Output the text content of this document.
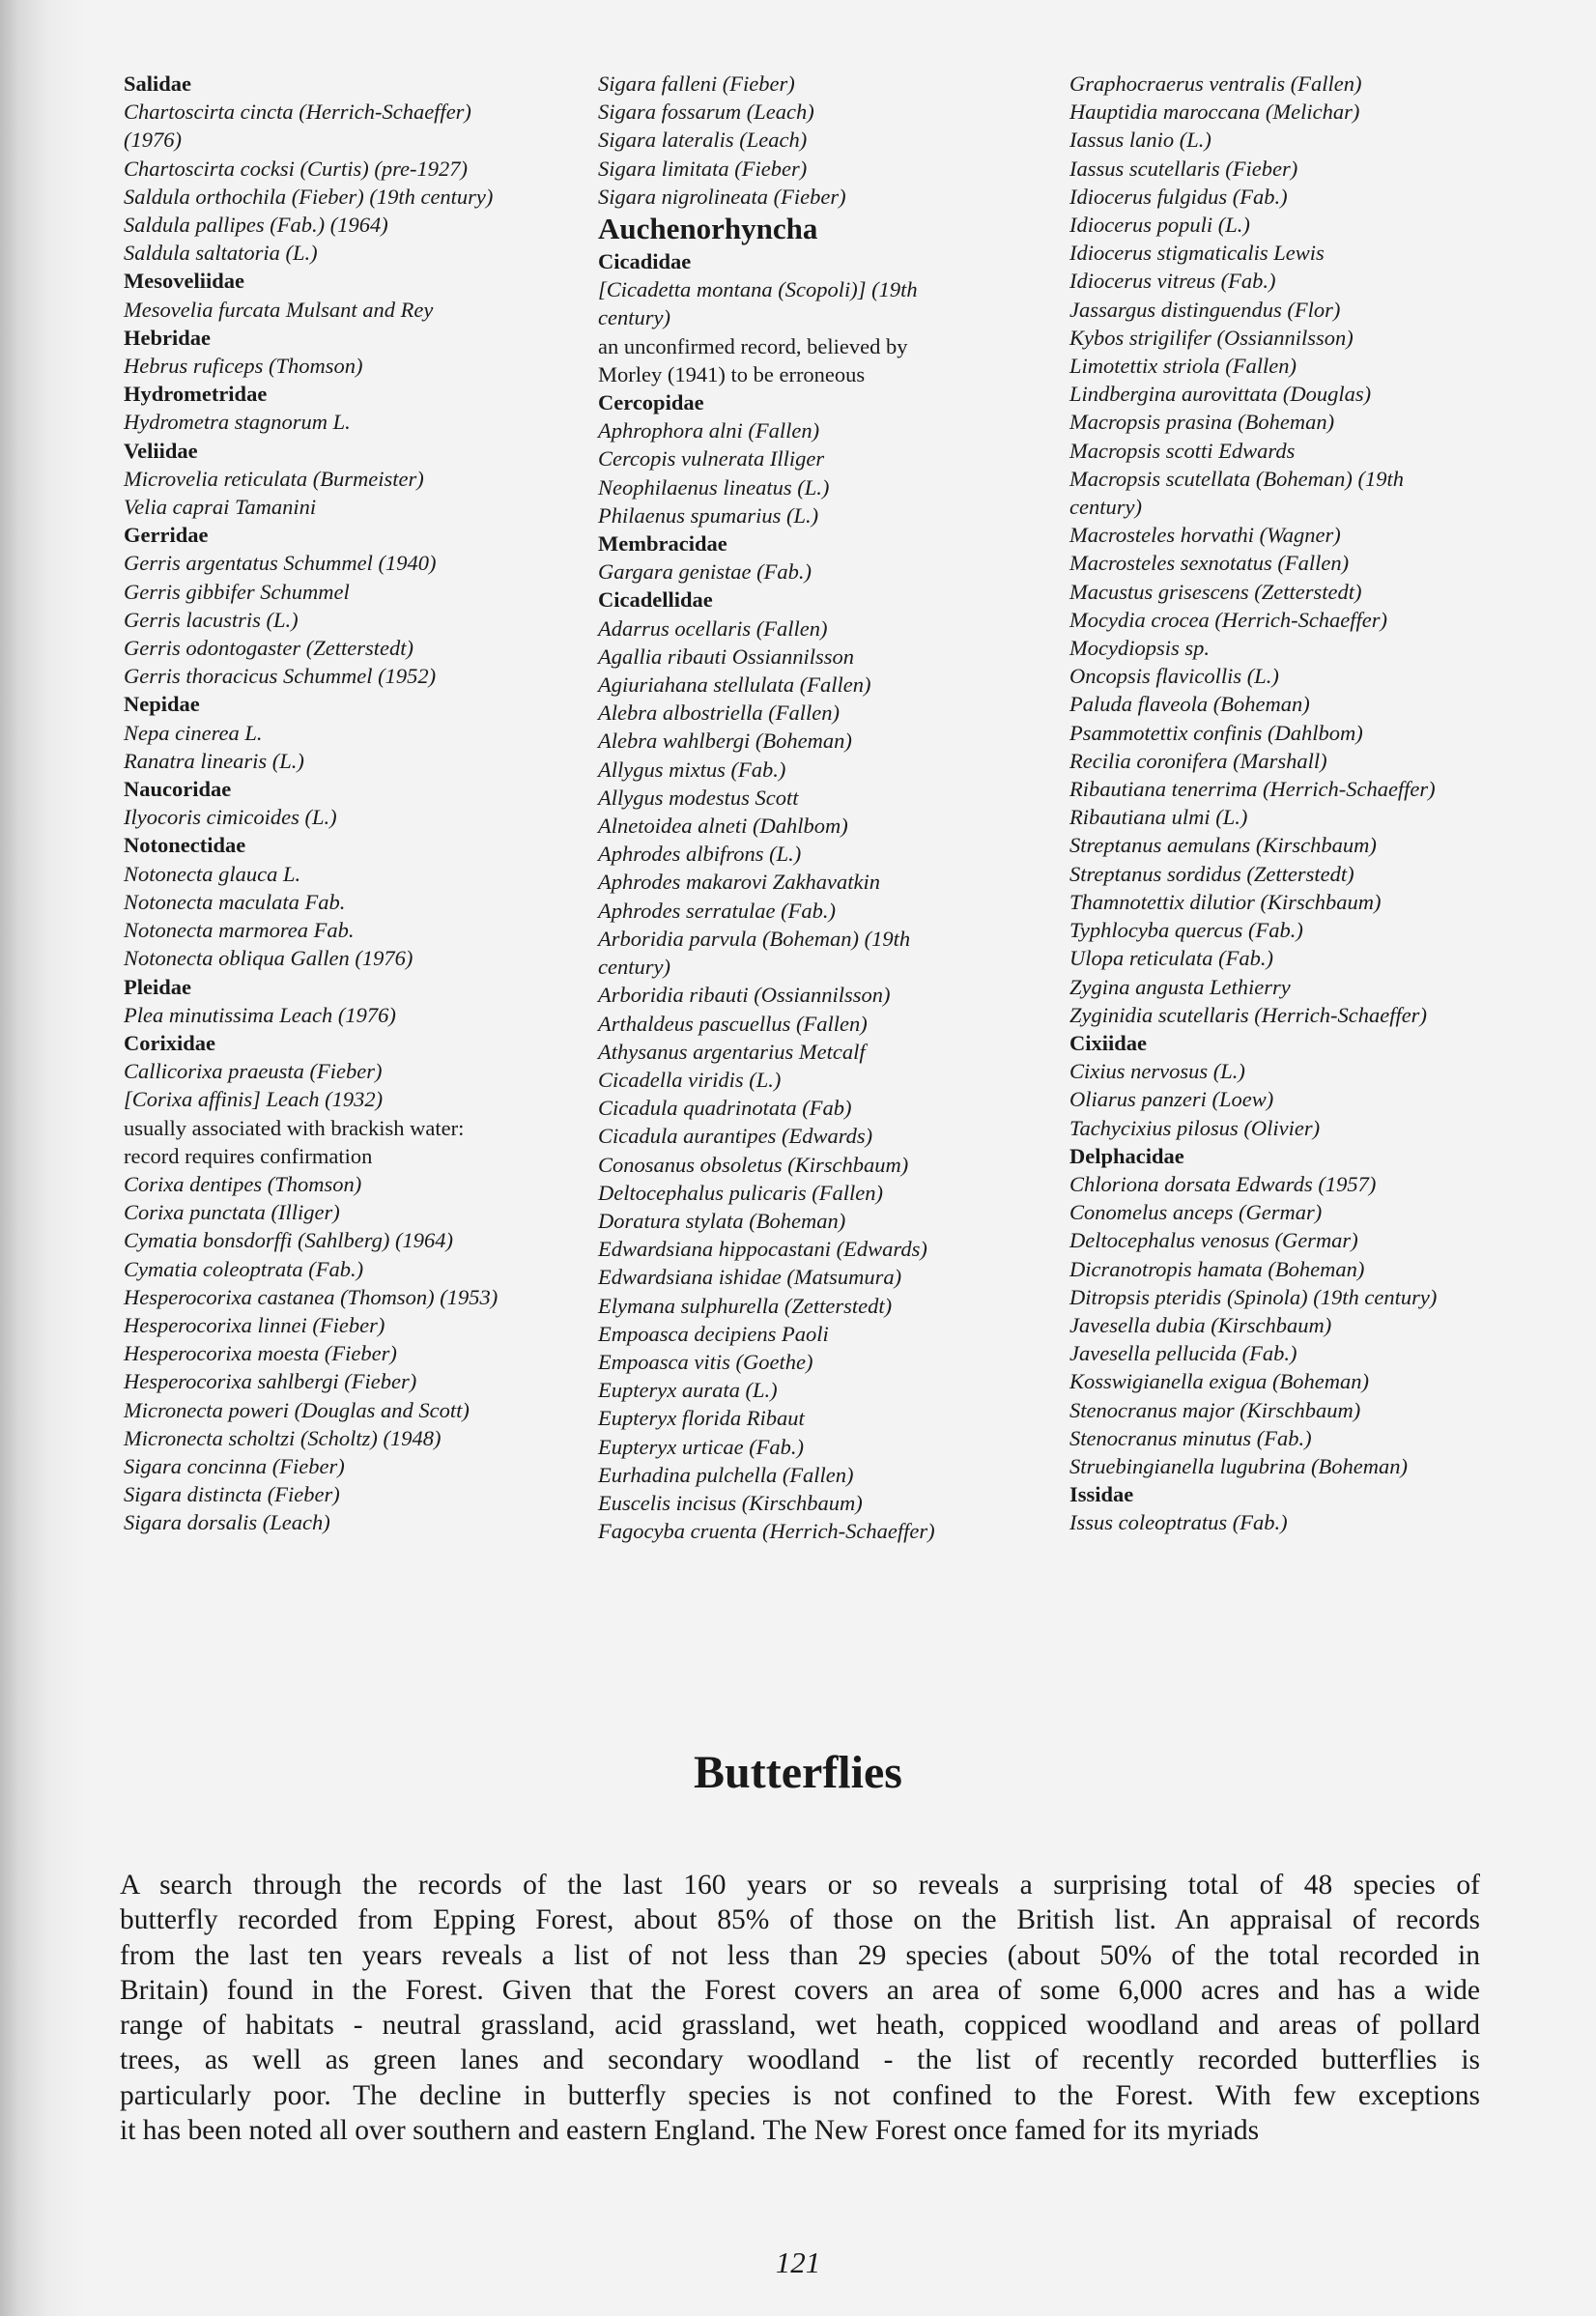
Salidae
Chartoscirta cincta (Herrich-Schaeffer)
(1976)
Chartoscirta cocksi (Curtis) (pre-1927)
Saldula orthochila (Fieber) (19th century)
Saldula pallipes (Fab.) (1964)
Saldula saltatoria (L.)
Mesoveliidae
Mesovelia furcata Mulsant and Rey
Hebridae
Hebrus ruficeps (Thomson)
Hydrometridae
Hydrometra stagnorum L.
Veliidae
Microvelia reticulata (Burmeister)
Velia caprai Tamanini
Gerridae
Gerris argentatus Schummel (1940)
Gerris gibbifer Schummel
Gerris lacustris (L.)
Gerris odontogaster (Zetterstedt)
Gerris thoracicus Schummel (1952)
Nepidae
Nepa cinerea L.
Ranatra linearis (L.)
Naucoridae
Ilyocoris cimicoides (L.)
Notonectidae
Notonecta glauca L.
Notonecta maculata Fab.
Notonecta marmorea Fab.
Notonecta obliqua Gallen (1976)
Pleidae
Plea minutissima Leach (1976)
Corixidae
Callicorixa praeusta (Fieber)
[Corixa affinis] Leach (1932)
usually associated with brackish water:
record requires confirmation
Corixa dentipes (Thomson)
Corixa punctata (Illiger)
Cymatia bonsdorffi (Sahlberg) (1964)
Cymatia coleoptrata (Fab.)
Hesperocorixa castanea (Thomson) (1953)
Hesperocorixa linnei (Fieber)
Hesperocorixa moesta (Fieber)
Hesperocorixa sahlbergi (Fieber)
Micronecta poweri (Douglas and Scott)
Micronecta scholtzi (Scholtz) (1948)
Sigara concinna (Fieber)
Sigara distincta (Fieber)
Sigara dorsalis (Leach)
Sigara falleni (Fieber)
Sigara fossarum (Leach)
Sigara lateralis (Leach)
Sigara limitata (Fieber)
Sigara nigrolineata (Fieber)
Auchenorhyncha
Cicadidae
[Cicadetta montana (Scopoli)] (19th
century)
an unconfirmed record, believed by
Morley (1941) to be erroneous
Cercopidae
Aphrophora alni (Fallen)
Cercopis vulnerata Illiger
Neophilaenus lineatus (L.)
Philaenus spumarius (L.)
Membracidae
Gargara genistae (Fab.)
Cicadellidae
Adarrus ocellaris (Fallen)
Agallia ribauti Ossiannilsson
Agiuriahana stellulata (Fallen)
Alebra albostriella (Fallen)
Alebra wahlbergi (Boheman)
Allygus mixtus (Fab.)
Allygus modestus Scott
Alnetoidea alneti (Dahlbom)
Aphrodes albifrons (L.)
Aphrodes makarovi Zakhavatkin
Aphrodes serratulae (Fab.)
Arboridia parvula (Boheman) (19th
century)
Arboridia ribauti (Ossiannilsson)
Arthaldeus pascuellus (Fallen)
Athysanus argentarius Metcalf
Cicadella viridis (L.)
Cicadula quadrinotata (Fab)
Cicadula aurantipes (Edwards)
Conosanus obsoletus (Kirschbaum)
Deltocephalus pulicaris (Fallen)
Doratura stylata (Boheman)
Edwardsiana hippocastani (Edwards)
Edwardsiana ishidae (Matsumura)
Elymana sulphurella (Zetterstedt)
Empoasca decipiens Paoli
Empoasca vitis (Goethe)
Eupteryx aurata (L.)
Eupteryx florida Ribaut
Eupteryx urticae (Fab.)
Eurhadina pulchella (Fallen)
Euscelis incisus (Kirschbaum)
Fagocyba cruenta (Herrich-Schaeffer)
Graphocraerus ventralis (Fallen)
Hauptidia maroccana (Melichar)
Iassus lanio (L.)
Iassus scutellaris (Fieber)
Idiocerus fulgidus (Fab.)
Idiocerus populi (L.)
Idiocerus stigmaticalis Lewis
Idiocerus vitreus (Fab.)
Jassargus distinguendus (Flor)
Kybos strigilifer (Ossiannilsson)
Limotettix striola (Fallen)
Lindbergina aurovittata (Douglas)
Macropsis prasina (Boheman)
Macropsis scotti Edwards
Macropsis scutellata (Boheman) (19th
century)
Macrosteles horvathi (Wagner)
Macrosteles sexnotatus (Fallen)
Macustus grisescens (Zetterstedt)
Mocydia crocea (Herrich-Schaeffer)
Mocydiopsis sp.
Oncopsis flavicollis (L.)
Paluda flaveola (Boheman)
Psammotettix confinis (Dahlbom)
Recilia coronifera (Marshall)
Ribautiana tenerrima (Herrich-Schaeffer)
Ribautiana ulmi (L.)
Streptanus aemulans (Kirschbaum)
Streptanus sordidus (Zetterstedt)
Thamnotettix dilutior (Kirschbaum)
Typhlocyba quercus (Fab.)
Ulopa reticulata (Fab.)
Zygina angusta Lethierry
Zyginidia scutellaris (Herrich-Schaeffer)
Cixiidae
Cixius nervosus (L.)
Oliarus panzeri (Loew)
Tachycixius pilosus (Olivier)
Delphacidae
Chloriona dorsata Edwards (1957)
Conomelus anceps (Germar)
Deltocephalus venosus (Germar)
Dicranotropis hamata (Boheman)
Ditropsis pteridis (Spinola) (19th century)
Javesella dubia (Kirschbaum)
Javesella pellucida (Fab.)
Kosswigianella exigua (Boheman)
Stenocranus major (Kirschbaum)
Stenocranus minutus (Fab.)
Struebingianella lugubrina (Boheman)
Issidae
Issus coleoptratus (Fab.)
Butterflies
A search through the records of the last 160 years or so reveals a surprising total of 48 species of
butterfly recorded from Epping Forest, about 85% of those on the British list. An appraisal of records
from the last ten years reveals a list of not less than 29 species (about 50% of the total recorded in
Britain) found in the Forest. Given that the Forest covers an area of some 6,000 acres and has a wide
range of habitats - neutral grassland, acid grassland, wet heath, coppiced woodland and areas of pollard
trees, as well as green lanes and secondary woodland - the list of recently recorded butterflies is
particularly poor. The decline in butterfly species is not confined to the Forest. With few exceptions
it has been noted all over southern and eastern England. The New Forest once famed for its myriads
121
